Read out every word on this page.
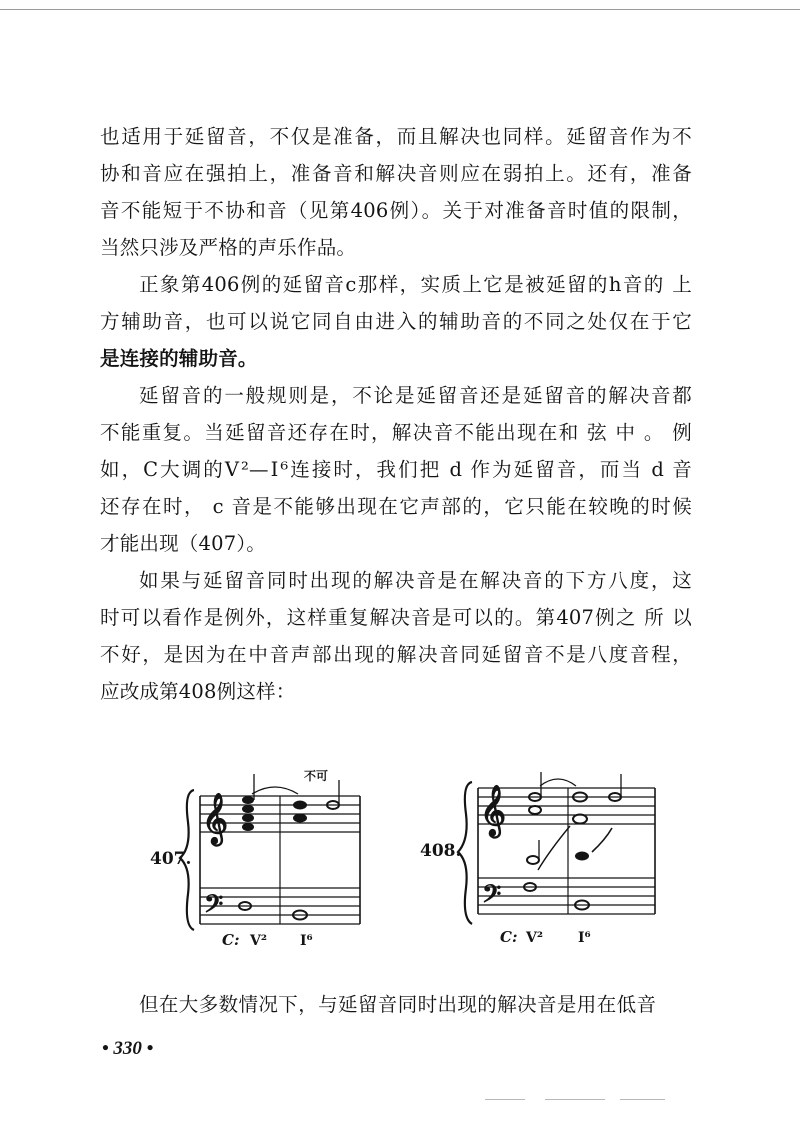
也适用于延留音，不仅是准备，而且解决也同样。延留音作为不
协和音应在强拍上，准备音和解决音则应在弱拍上。还有，准备
音不能短于不协和音（见第406例）。关于对准备音时值的限制，
当然只涉及严格的声乐作品。
正象第406例的延留音c那样，实质上它是被延留的h音的 上
方辅助音，也可以说它同自由进入的辅助音的不同之处仅在于它
是连接的辅助音。
延留音的一般规则是，不论是延留音还是延留音的解决音都
不能重复。当延留音还存在时，解决音不能出现在和 弦 中 。 例
如，C大调的Ⅴ²—Ⅰ⁶连接时，我们把 d 作为延留音，而当 d 音
还存在时， c 音是不能够出现在它声部的，它只能在较晚的时候
才能出现（407）。
如果与延留音同时出现的解决音是在解决音的下方八度，这
时可以看作是例外，这样重复解决音是可以的。第407例之 所 以
不好，是因为在中音声部出现的解决音同延留音不是八度音程，
应改成第408例这样：
𝄞
𝄢
不可
407.
C: V² I⁶
𝄞
𝄢
408.
C: V²	I⁶
但在大多数情况下，与延留音同时出现的解决音是用在低音
• 330 •
